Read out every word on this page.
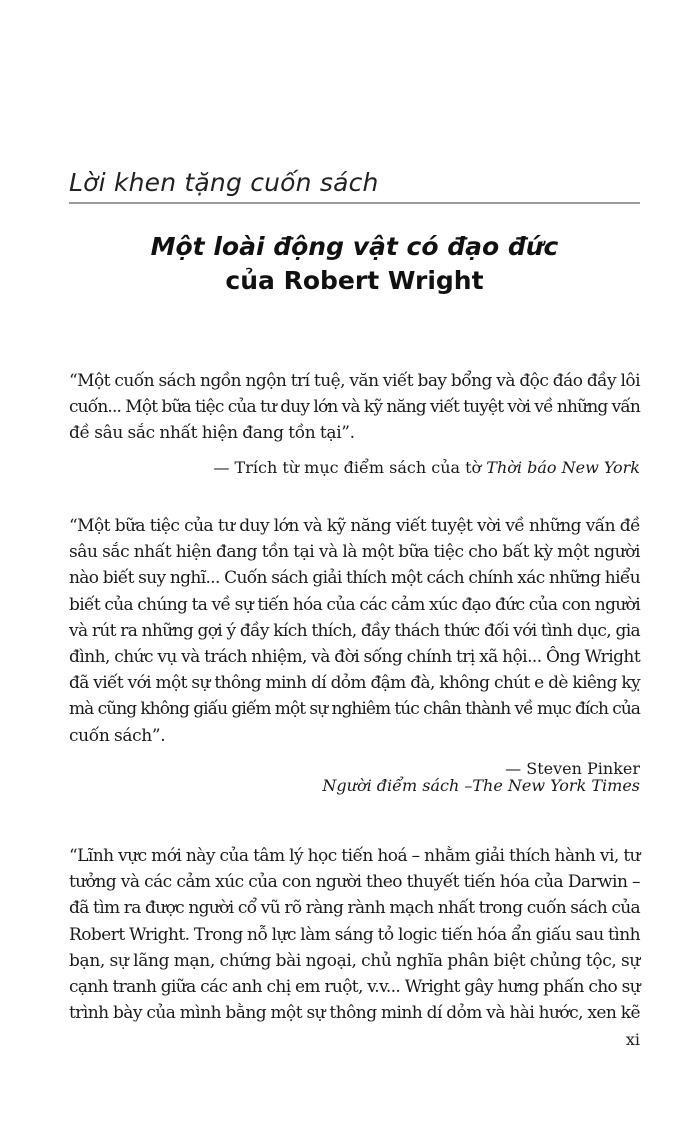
Lời khen tặng cuốn sách
Một loài động vật có đạo đức
của Robert Wright
“Một cuốn sách ngồn ngộn trí tuệ, văn viết bay bổng và độc đáo đầy lôi
cuốn... Một bữa tiệc của tư duy lớn và kỹ năng viết tuyệt vời về những vấn
đề sâu sắc nhất hiện đang tồn tại”.
— Trích từ mục điểm sách của tờ Thời báo New York
“Một bữa tiệc của tư duy lớn và kỹ năng viết tuyệt vời về những vấn đề
sâu sắc nhất hiện đang tồn tại và là một bữa tiệc cho bất kỳ một người
nào biết suy nghĩ... Cuốn sách giải thích một cách chính xác những hiểu
biết của chúng ta về sự tiến hóa của các cảm xúc đạo đức của con người
và rút ra những gợi ý đầy kích thích, đầy thách thức đối với tình dục, gia
đình, chức vụ và trách nhiệm, và đời sống chính trị xã hội... Ông Wright
đã viết với một sự thông minh dí dỏm đậm đà, không chút e dè kiêng kỵ
mà cũng không giấu giếm một sự nghiêm túc chân thành về mục đích của
cuốn sách”.
— Steven Pinker
Người điểm sách –The New York Times
“Lĩnh vực mới này của tâm lý học tiến hoá – nhằm giải thích hành vi, tư
tưởng và các cảm xúc của con người theo thuyết tiến hóa của Darwin –
đã tìm ra được người cổ vũ rõ ràng rành mạch nhất trong cuốn sách của
Robert Wright. Trong nỗ lực làm sáng tỏ logic tiến hóa ẩn giấu sau tình
bạn, sự lãng mạn, chứng bài ngoại, chủ nghĩa phân biệt chủng tộc, sự
cạnh tranh giữa các anh chị em ruột, v.v... Wright gây hưng phấn cho sự
trình bày của mình bằng một sự thông minh dí dỏm và hài hước, xen kẽ
xi
